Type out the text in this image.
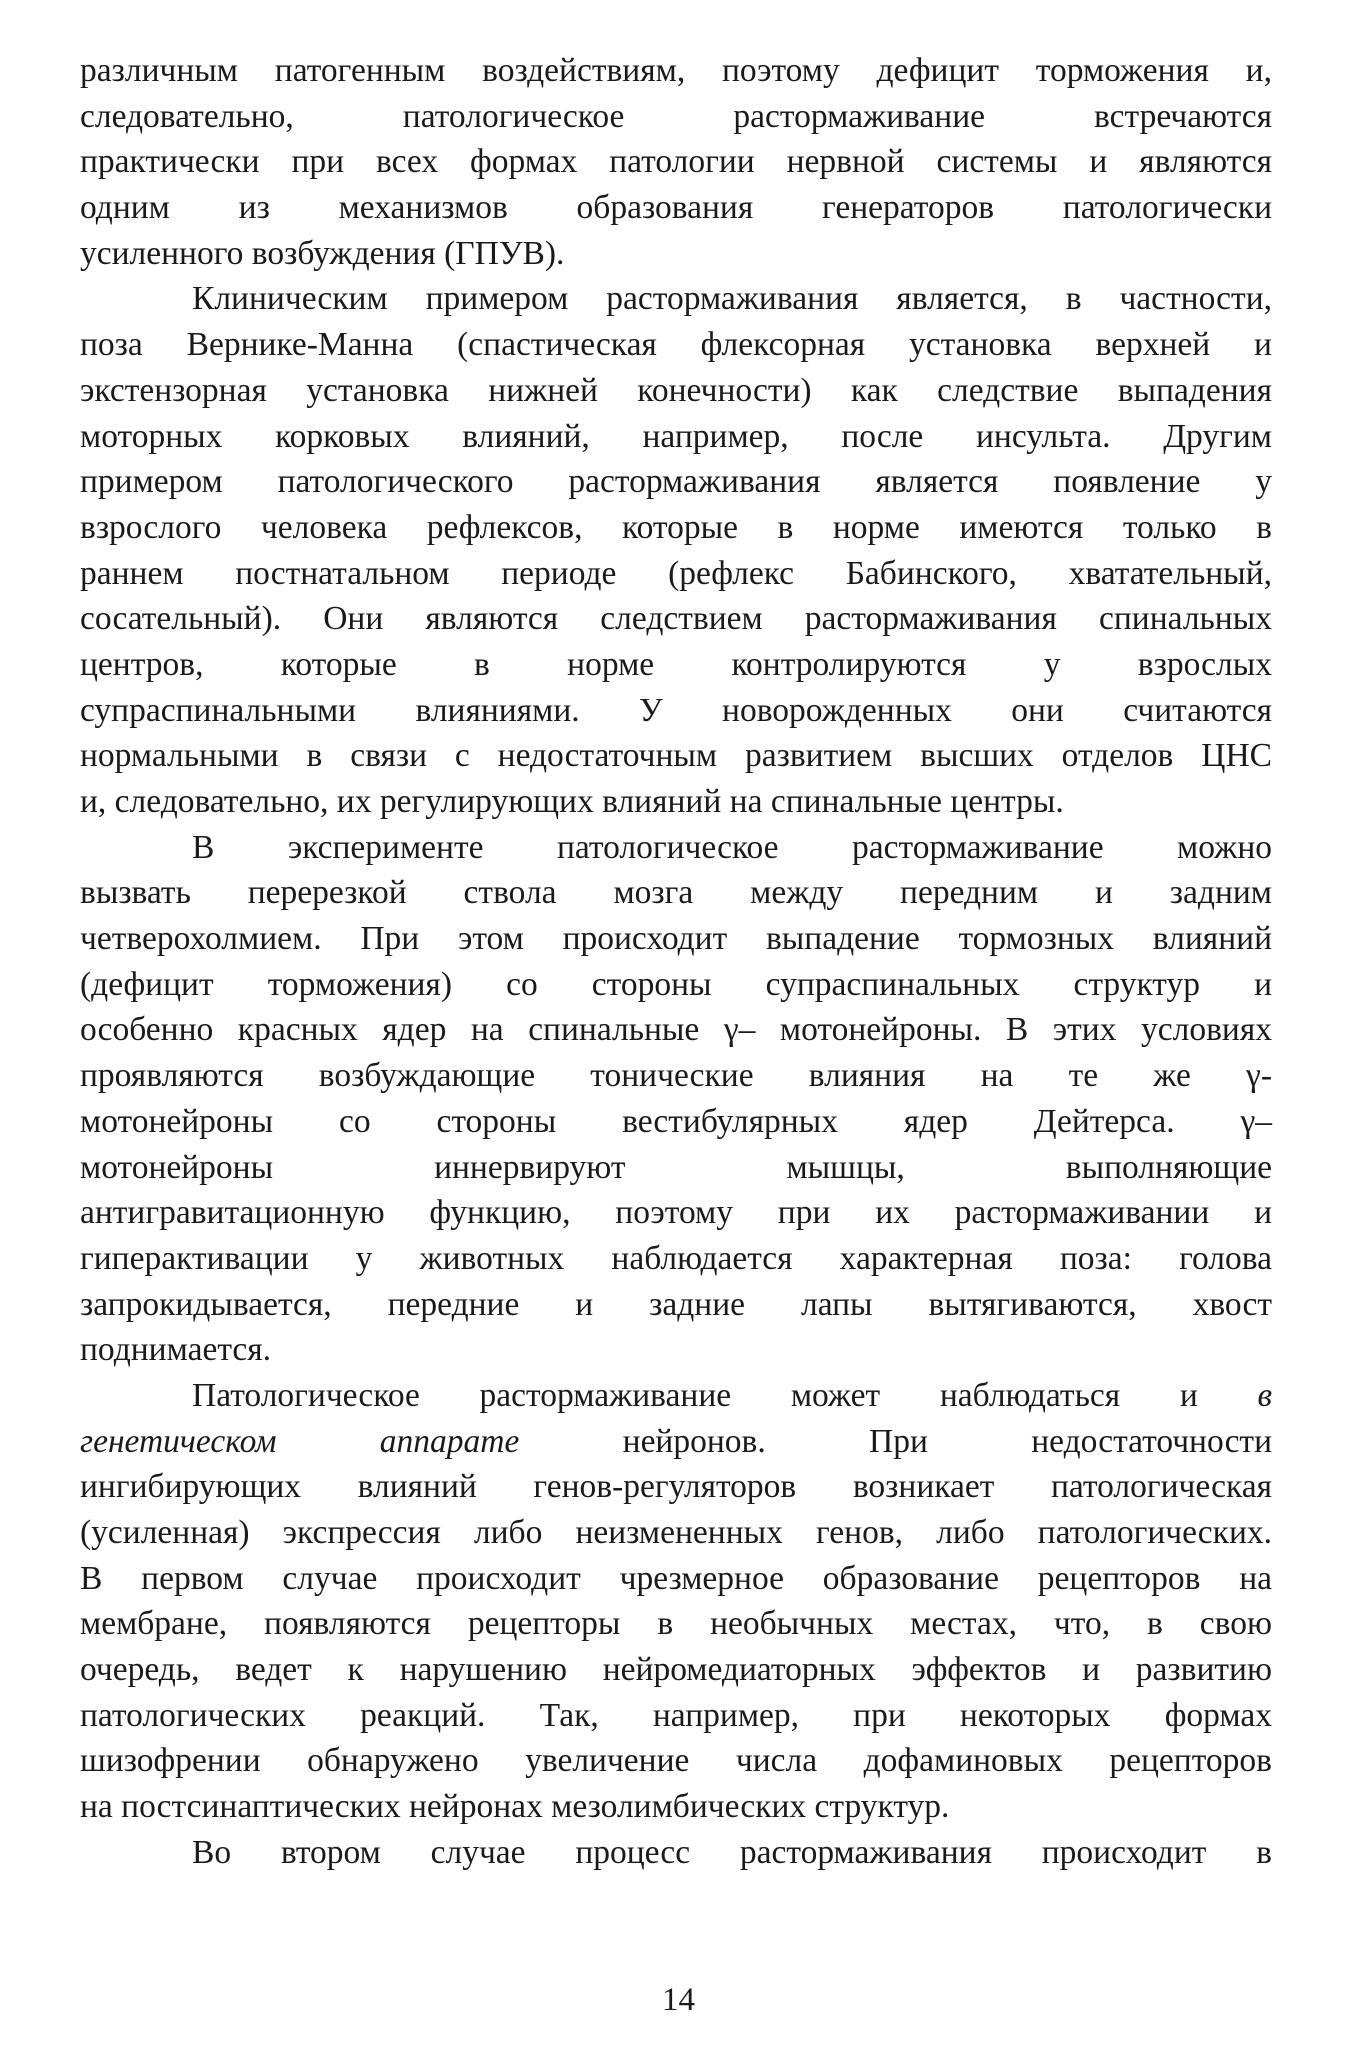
различным патогенным воздействиям, поэтому дефицит торможения и,
следовательно, патологическое растормаживание встречаются
практически при всех формах патологии нервной системы и являются
одним из механизмов образования генераторов патологически
усиленного возбуждения (ГПУВ).
Клиническим примером растормаживания является, в частности,
поза Вернике-Манна (спастическая флексорная установка верхней и
экстензорная установка нижней конечности) как следствие выпадения
моторных корковых влияний, например, после инсульта. Другим
примером патологического растормаживания является появление у
взрослого человека рефлексов, которые в норме имеются только в
раннем постнатальном периоде (рефлекс Бабинского, хватательный,
сосательный). Они являются следствием растормаживания спинальных
центров, которые в норме контролируются у взрослых
супраспинальными влияниями. У новорожденных они считаются
нормальными в связи с недостаточным развитием высших отделов ЦНС
и, следовательно, их регулирующих влияний на спинальные центры.
В эксперименте патологическое растормаживание можно
вызвать перерезкой ствола мозга между передним и задним
четверохолмием. При этом происходит выпадение тормозных влияний
(дефицит торможения) со стороны супраспинальных структур и
особенно красных ядер на спинальные γ– мотонейроны. В этих условиях
проявляются возбуждающие тонические влияния на те же γ-
мотонейроны со стороны вестибулярных ядер Дейтерса. γ–
мотонейроны иннервируют мышцы, выполняющие
антигравитационную функцию, поэтому при их растормаживании и
гиперактивации у животных наблюдается характерная поза: голова
запрокидывается, передние и задние лапы вытягиваются, хвост
поднимается.
Патологическое растормаживание может наблюдаться и в
генетическом аппарате	нейронов. При недостаточности
ингибирующих влияний генов-регуляторов возникает патологическая
(усиленная) экспрессия либо неизмененных генов, либо патологических.
В первом случае происходит чрезмерное образование рецепторов на
мембране, появляются рецепторы в необычных местах, что, в свою
очередь, ведет к нарушению нейромедиаторных эффектов и развитию
патологических реакций. Так, например, при некоторых формах
шизофрении обнаружено увеличение числа дофаминовых рецепторов
на постсинаптических нейронах мезолимбических структур.
Во втором случае процесс растормаживания происходит в
14
